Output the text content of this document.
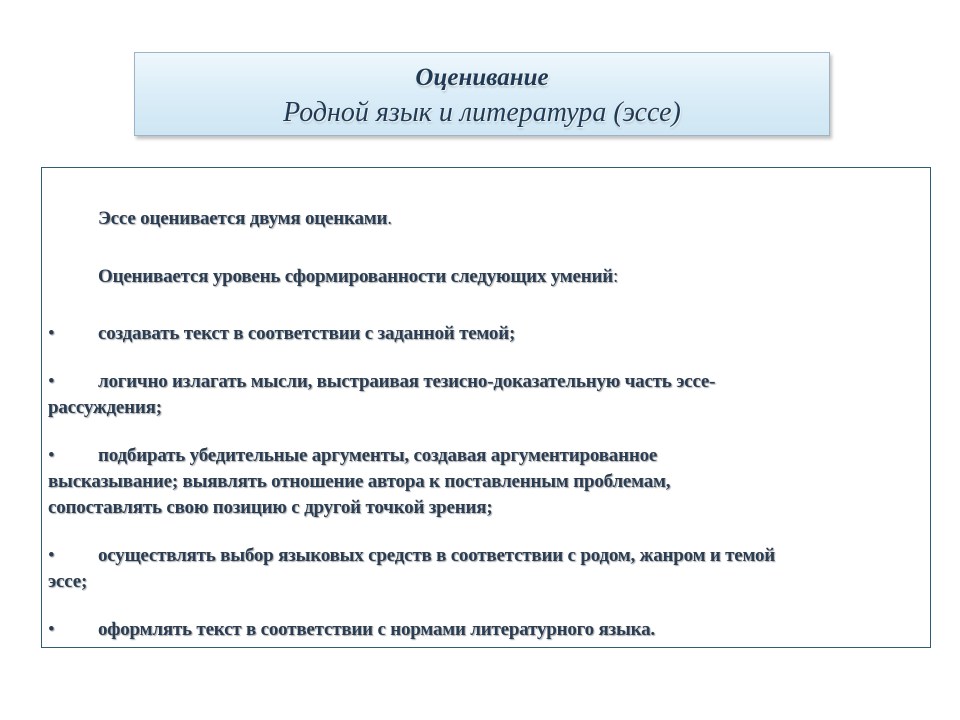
Оценивание
Родной язык и литература (эссе)
Эссе оценивается двумя оценками.
Оценивается уровень сформированности следующих умений:
• создавать текст в соответствии с заданной темой;
• логично излагать мысли, выстраивая тезисно-доказательную часть эссе-
рассуждения;
• подбирать убедительные аргументы, создавая аргументированное
высказывание; выявлять отношение автора к поставленным проблемам,
сопоставлять свою позицию с другой точкой зрения;
• осуществлять выбор языковых средств в соответствии с родом, жанром и темой
эссе;
• оформлять текст в соответствии с нормами литературного языка.
